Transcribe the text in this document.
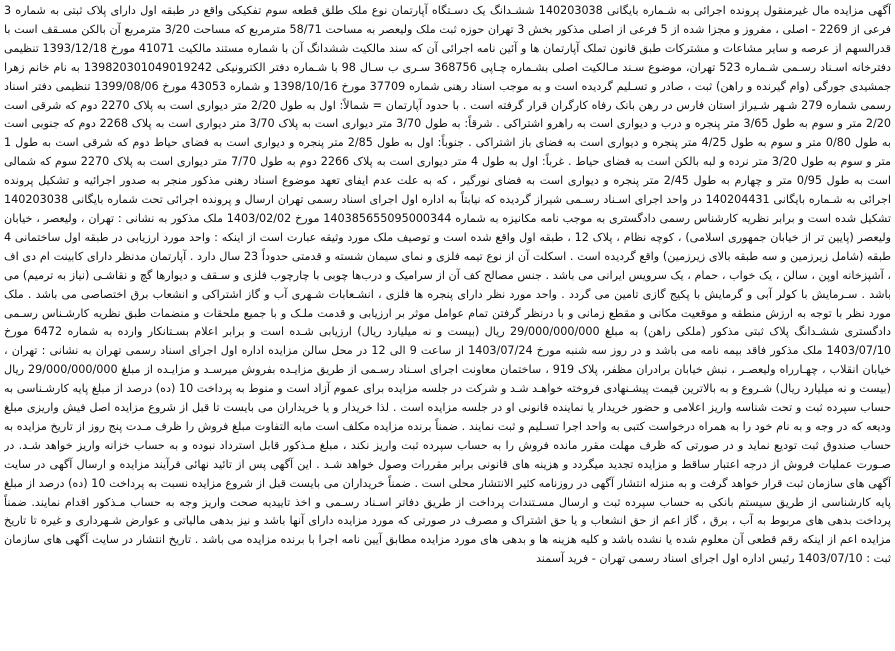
آگهی مزایده مال غیرمنقول پرونده اجرائی به شـماره بایگانی 140203038 ششـدانگ یک دسـتگاه آپارتمان نوع ملک طلق قطعه سوم تفکیکی واقع در طبقه اول دارای پلاک ثبتی به شماره 3 فرعی از 2269 - اصلی ، مفروز و مجزا شده از 5 فرعی از اصلی مذکور بخش 3 تهران حوزه ثبت ملک ولیعصر به مساحت 58/71 مترمربع که مساحت 3/20 مترمربع آن بالکن مسـقف است با قدرالسهم از عرصه و سایر مشاعات و مشترکات طبق قانون تملک آپارتمان ها و آئین نامه اجرائی آن که سند مالکیت ششدانگ آن با شماره مستند مالکیت 41071 مورخ 1393/12/18 تنظیمی دفترخانه اسـناد رسـمی شـماره 523 تهران، موضوع سـند مـالکیت اصلی بشـماره چـاپی 368756 سـری ب سـال 98 با شـماره دفتر الکترونیکی 139820301049019242 به نام خانم زهرا جمشیدی جورگی (وام گیرنده و راهن) ثبت ، صادر و تسـلیم گردیده است و به موجب اسناد رهنی شماره 37709 مورخ 1398/10/16 و شماره 43053 مورخ 1399/08/06 تنظیمی دفتر اسناد رسمی شماره 279 شـهر شـیراز استان فارس در رهن بانک رفاه کارگران قرار گرفته است . با حدود آپارتمان = شمالاً: اول به طول 2/20 متر دیواری است به پلاک 2270 دوم که شرقی است 2/20 متر و سوم به طول 3/65 متر پنجره و درب و دیواری است به راهرو اشتراکی . شرقاً: به طول 3/70 متر دیواری است به پلاک 3/70 متر دیواری است به پلاک 2268 دوم که جنوبی است به طول 0/80 متر و سوم به طول 4/25 متر پنجره و دیواری است به فضای باز اشتراکی . جنوباً: اول به طول 2/85 متر پنجره و دیواری است به فضای حیاط دوم که شرقی است به طول 1 متر و سوم به طول 3/20 متر نرده و لبه بالکن است به فضای حیاط . غرباً: اول به طول 4 متر دیواری است به پلاک 2266 دوم به طول 7/70 متر دیواری است به پلاک 2270 سوم که شمالی است به طول 0/95 متر و چهارم به طول 2/45 متر پنجره و دیواری است به فضای نورگیر ، که به علت عدم ایفای تعهد موضوع اسناد رهنی مذکور منجر به صدور اجرائیه و تشکیل پرونده اجرائی به شـماره بایگانی 140204431 در واحد اجرای اسـناد رسـمی شیراز گردیده که نیابتاً به اداره اول اجرای اسناد رسمی تهران ارسال و پرونده اجرائی تحت شماره بایگانی 140203038 تشکیل شده است و برابر نظریه کارشناس رسمی دادگستری به موجب نامه مکانیزه به شماره 140385655095000344 مورخ 1403/02/02 ملک مذکور به نشانی : تهران ، ولیعصر ، خیابان ولیعصر (پایین تر از خیابان جمهوری اسلامی) ، کوچه نظام ، پلاک 12 ، طبقه اول واقع شده است و توصیف ملک مورد وثیقه عبارت است از اینکه : واحد مورد ارزیابی در طبقه اول ساختمانی 4 طبقه (شامل زیرزمین و سه طبقه بالای زیرزمین) واقع گردیده است . اسکلت آن از نوع تیمه فلزی و نمای سیمان شسته و قدمتی حدوداً 23 سال دارد . آپارتمان مدنظر دارای کابینت ام دی اف ، آشپزخانه اوپن ، سالن ، یک خواب ، حمام ، یک سرویس ایرانی می باشد . جنس مصالح کف آن از سرامیک و درب‌ها چوبی با چارچوب فلزی و سـقف و دیوارها گچ و نقاشـی (نیاز به ترمیم) می باشد . سـرمایش با کولر آبی و گرمایش با پکیج گازی تامین می گردد . واحد مورد نظر دارای پنجره ها فلزی ، انشـعابات شـهری آب و گاز اشتراکی و انشعاب برق اختصاصی می باشد . ملک مورد نظر با توجه به ارزش منطقه و موقعیت مکانی و مقطع زمانی و با درنظر گرفتن تمام عوامل موثر بر ارزیابی و قدمت ملـک و با جمیع ملحقات و منضمات طبق نظریه کارشـناس رسـمی دادگستری ششـدانگ پلاک ثبتی مذکور (ملکی راهن) به مبلغ 29/000/000/000 ریال (بیست و نه میلیارد ریال) ارزیابی شـده است و برابر اعلام بسـتانکار وارده به شماره 6472 مورخ 1403/07/10 ملک مذکور فاقد بیمه نامه می باشد و در روز سه شنبه مورخ 1403/07/24 از ساعت 9 الی 12 در محل سالن مزایده اداره اول اجرای اسناد رسمی تهران به نشانی : تهران ، خیابان انقلاب ، چهـارراه ولیعصـر ، نبش خیابان برادران مظفر، پلاک 919 ، ساختمان معاونت اجرای اسـناد رسـمی از طریق مزایـده بفروش میرسـد و مزایـده از مبلغ 29/000/000/000 ریال (بیست و نه میلیارد ریال) شـروع و به بالاترین قیمت پیشـنهادی فروخته خواهـد شـد و شرکت در جلسه مزایده برای عموم آزاد است و منوط به پرداخت 10 (ده) درصد از مبلغ پایه کارشـناسی به حساب سپرده ثبت و تحت شناسه واریز اعلامی و حضور خریدار یا نماینده قانونی او در جلسه مزایده است . لذا خریدار و یا خریداران می بایست تا قبل از شروع مزایده اصل فیش واریزی مبلغ ودیعه که در وجه و به نام خود را به همراه درخواست کتبی به واحد اجرا تسـلیم و ثبت نمایند . ضمناً برنده مزایده مکلف است مابه التفاوت مبلغ فروش را ظرف مـدت پنج روز از تاریخ مزایده به حساب صندوق ثبت تودیع نماید و در صورتی که ظرف مهلت مقرر مانده فروش را به حساب سپرده ثبت واریز نکند ، مبلغ مـذکور قابل استرداد نبوده و به حساب خزانه واریز خواهد شـد. در صـورت عملیات فروش از درجه اعتبار ساقط و مزایده تجدید میگردد و هزینه های قانونی برابر مقررات وصول خواهد شـد . این آگهی پس از تائید نهائی فرآیند مزایده و ارسال آگهی در سایت آگهی های سازمان ثبت قرار خواهد گرفت و به منزله انتشار آگهی در روزنامه کثیر الانتشار محلی است . ضمناً خریداران می بایست قبل از شروع مزایده نسبت به پرداخت 10 (ده) درصد از مبلغ پایه کارشناسی از طریق سیستم بانکی به حساب سپرده ثبت و ارسال مسـتندات پرداخت از طریق دفاتر اسـناد رسـمی و اخذ تاییدیه صحت واریز وجه به حساب مـذکور اقدام نمایند. ضمناً پرداخت بدهی های مربوط به آب ، برق ، گاز اعم از حق انشعاب و یا حق اشتراک و مصرف در صورتی که مورد مزایده دارای آنها باشد و نیز بدهی مالیاتی و عوارض شـهرداری و غیره تا تاریخ مزایده اعم از اینکه رقم قطعی آن معلوم شده یا نشده باشد و کلیه هزینه ها و بدهی های مورد مزایده مطابق آیین نامه اجرا با برنده مزایده می باشد . تاریخ انتشار در سایت آگهی های سازمان ثبت : 1403/07/10 رئیس اداره اول اجرای اسناد رسمی تهران - فرید آسمند
